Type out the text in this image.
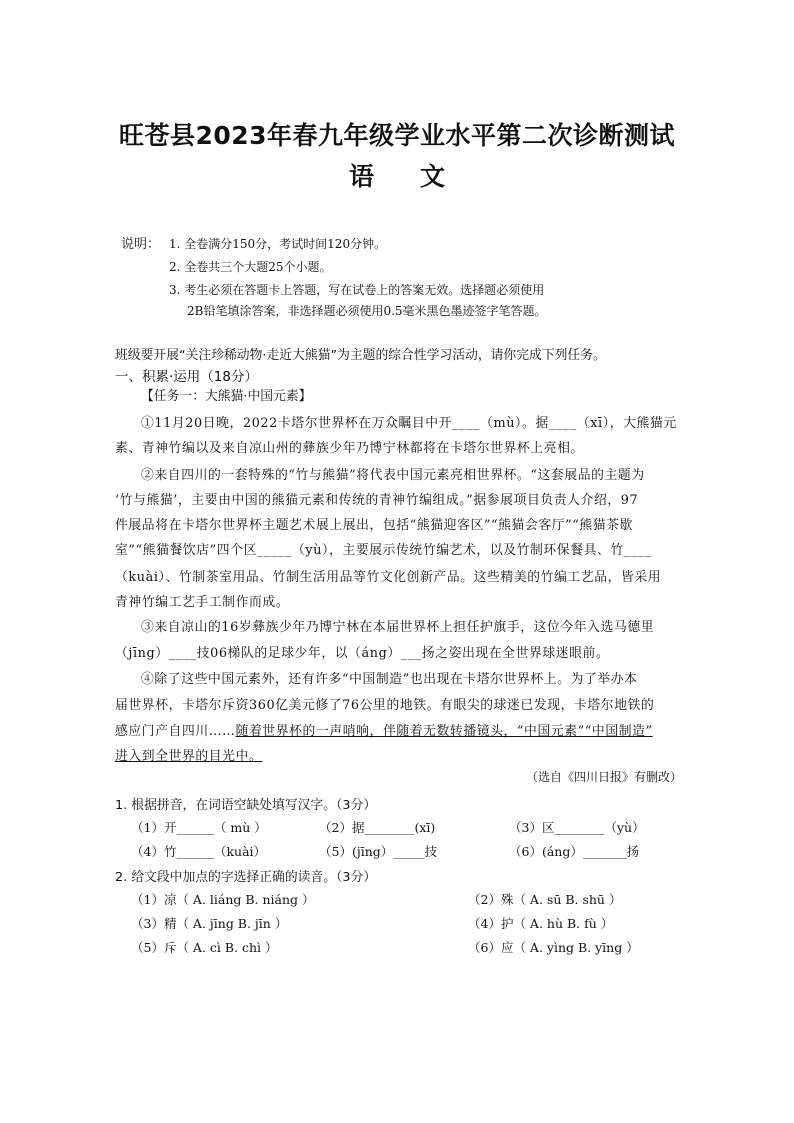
旺苍县2023年春九年级学业水平第二次诊断测试
语文
说明： 1. 全卷满分150分，考试时间120分钟。
2. 全卷共三个大题25个小题。
3. 考生必须在答题卡上答题，写在试卷上的答案无效。选择题必须使用
2B铅笔填涂答案，非选择题必须使用0.5毫米黑色墨迹签字笔答题。
班级要开展“关注珍稀动物·走近大熊猫”为主题的综合性学习活动，请你完成下列任务。
一、积累·运用（18分）
【任务一：大熊猫·中国元素】
①11月20日晚，2022卡塔尔世界杯在万众瞩目中开____（mù）。据____（xī），大熊猫元
素、青神竹编以及来自凉山州的彝族少年乃博宁林都将在卡塔尔世界杯上亮相。
②来自四川的一套特殊的“竹与熊猫”将代表中国元素亮相世界杯。“这套展品的主题为
‘竹与熊猫’，主要由中国的熊猫元素和传统的青神竹编组成。”据参展项目负责人介绍，97
件展品将在卡塔尔世界杯主题艺术展上展出，包括“熊猫迎客区”“熊猫会客厅”“熊猫茶歇
室”“熊猫餐饮店”四个区_____（yù），主要展示传统竹编艺术，以及竹制环保餐具、竹____
（kuài）、竹制茶室用品、竹制生活用品等竹文化创新产品。这些精美的竹编工艺品，皆采用
青神竹编工艺手工制作而成。
③来自凉山的16岁彝族少年乃博宁林在本届世界杯上担任护旗手，这位今年入选马德里
（jīng）____技06梯队的足球少年，以（áng）___扬之姿出现在全世界球迷眼前。
④除了这些中国元素外，还有许多“中国制造”也出现在卡塔尔世界杯上。为了举办本
届世界杯，卡塔尔斥资360亿美元修了76公里的地铁。有眼尖的球迷已发现，卡塔尔地铁的
感应门产自四川……随着世界杯的一声哨响，伴随着无数转播镜头，“中国元素”“中国制造”
进入到全世界的目光中。
（选自《四川日报》有删改）
1. 根据拼音，在词语空缺处填写汉字。（3分）
（1）开______（ mù ）	（2）据________(xī)	（3）区________（yù）
（4）竹______（kuài）	（5）(jīng）_____技	（6）(áng）_______扬
2. 给文段中加点的字选择正确的读音。（3分）
（1）凉（ A. liáng B. niáng ）	（2）殊（ A. sū B. shū ）
（3）精（ A. jīng B. jīn ）	（4）护（ A. hù B. fù ）
（5）斥（ A. cì B. chì ）	（6）应（ A. yìng B. yīng ）
